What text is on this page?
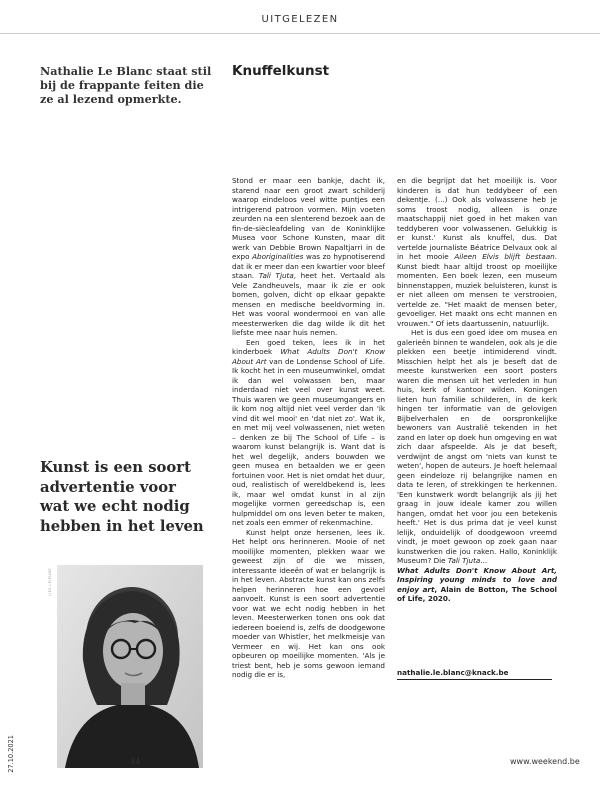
UITGELEZEN
Nathalie Le Blanc staat stil bij de frappante feiten die ze al lezend opmerkte.
Knuffelkunst
Kunst is een soort advertentie voor wat we echt nodig hebben in het leven
LIES LEJEUNE

Stond er maar een bankje, dacht ik, starend naar een groot zwart schilderij waarop eindeloos veel witte puntjes een intrigerend patroon vormen. Mijn voeten zeurden na een slenterend bezoek aan de fin-de-siècleafdeling van de Koninklijke Musea voor Schone Kunsten, maar dit werk van Debbie Brown Napaltjarri in de expo Aboriginalities was zo hypnotiserend dat ik er meer dan een kwartier voor bleef staan. Tali Tjuta, heet het. Vertaald als Vele Zandheuvels, maar ik zie er ook bomen, golven, dicht op elkaar gepakte mensen en medische beeldvorming in. Het was vooral wondermooi en van alle meesterwerken die dag wilde ik dit het liefste mee naar huis nemen.

Een goed teken, lees ik in het kinderboek What Adults Don't Know About Art van de Londense School of Life. Ik kocht het in een museumwinkel, omdat ik dan wel volwassen ben, maar inderdaad niet veel over kunst weet. Thuis waren we geen museumgangers en ik kom nog altijd niet veel verder dan 'ik vind dit wel mooi' en 'dat niet zo'. Wat ik, en met mij veel volwassenen, niet weten – denken ze bij The School of Life – is waarom kunst belangrijk is. Want dat is het wel degelijk, anders bouwden we geen musea en betaalden we er geen fortuinen voor. Het is niet omdat het duur, oud, realistisch of wereldbekend is, lees ik, maar wel omdat kunst in al zijn mogelijke vormen gereedschap is, een hulpmiddel om ons leven beter te maken, net zoals een emmer of rekenmachine.

Kunst helpt onze hersenen, lees ik. Het helpt ons herinneren. Mooie of net mooilijke momenten, plekken waar we geweest zijn of die we missen, interessante ideeën of wat er belangrijk is in het leven. Abstracte kunst kan ons zelfs helpen herinneren hoe een gevoel aanvoelt. Kunst is een soort advertentie voor wat we echt nodig hebben in het leven. Meesterwerken tonen ons ook dat iedereen boeiend is, zelfs de doodgewone moeder van Whistler, het melkmeisje van Vermeer en wij. Het kan ons ook opbeuren op moeilijke momenten. 'Als je triest bent, heb je soms gewoon iemand nodig die er is,

en die begrijpt dat het moeilijk is. Voor kinderen is dat hun teddybeer of een dekentje. (...) Ook als volwassene heb je soms troost nodig, alleen is onze maatschappij niet goed in het maken van teddyberen voor volwassenen. Gelukkig is er kunst.' Kunst als knuffel, dus. Dat vertelde journaliste Béatrice Delvaux ook al in het mooie Aileen Elvis blijft bestaan. Kunst biedt haar altijd troost op moeilijke momenten. Een boek lezen, een museum binnenstappen, muziek beluisteren, kunst is er niet alleen om mensen te verstrooien, vertelde ze. "Het maakt de mensen beter, gevoeliger. Het maakt ons echt mannen en vrouwen." Of iets daartussenin, natuurlijk.

Het is dus een goed idee om musea en galerieën binnen te wandelen, ook als je die plekken een beetje intimiderend vindt. Misschien helpt het als je beseft dat de meeste kunstwerken een soort posters waren die mensen uit het verleden in hun huis, kerk of kantoor wilden. Koningen lieten hun familie schilderen, in de kerk hingen ter informatie van de gelovigen Bijbelverhalen en de oorspronkelijke bewoners van Australië tekenden in het zand en later op doek hun omgeving en wat zich daar afspeelde. Als je dat beseft, verdwijnt de angst om 'niets van kunst te weten', hopen de auteurs. Je hoeft helemaal geen eindeloze rij belangrijke namen en data te leren, of strekkingen te herkennen. 'Een kunstwerk wordt belangrijk als jij het graag in jouw ideale kamer zou willen hangen, omdat het voor jou een betekenis heeft.' Het is dus prima dat je veel kunst lelijk, onduidelijk of doodgewoon vreemd vindt, je moet gewoon op zoek gaan naar kunstwerken die jou raken. Hallo, Koninklijk Museum? Die Tali Tjuta...

What Adults Don't Know About Art, Inspiring young minds to love and enjoy art, Alain de Botton, The School of Life, 2020.

nathalie.le.blanc@knack.be
27.10.2021	34	www.weekend.be
